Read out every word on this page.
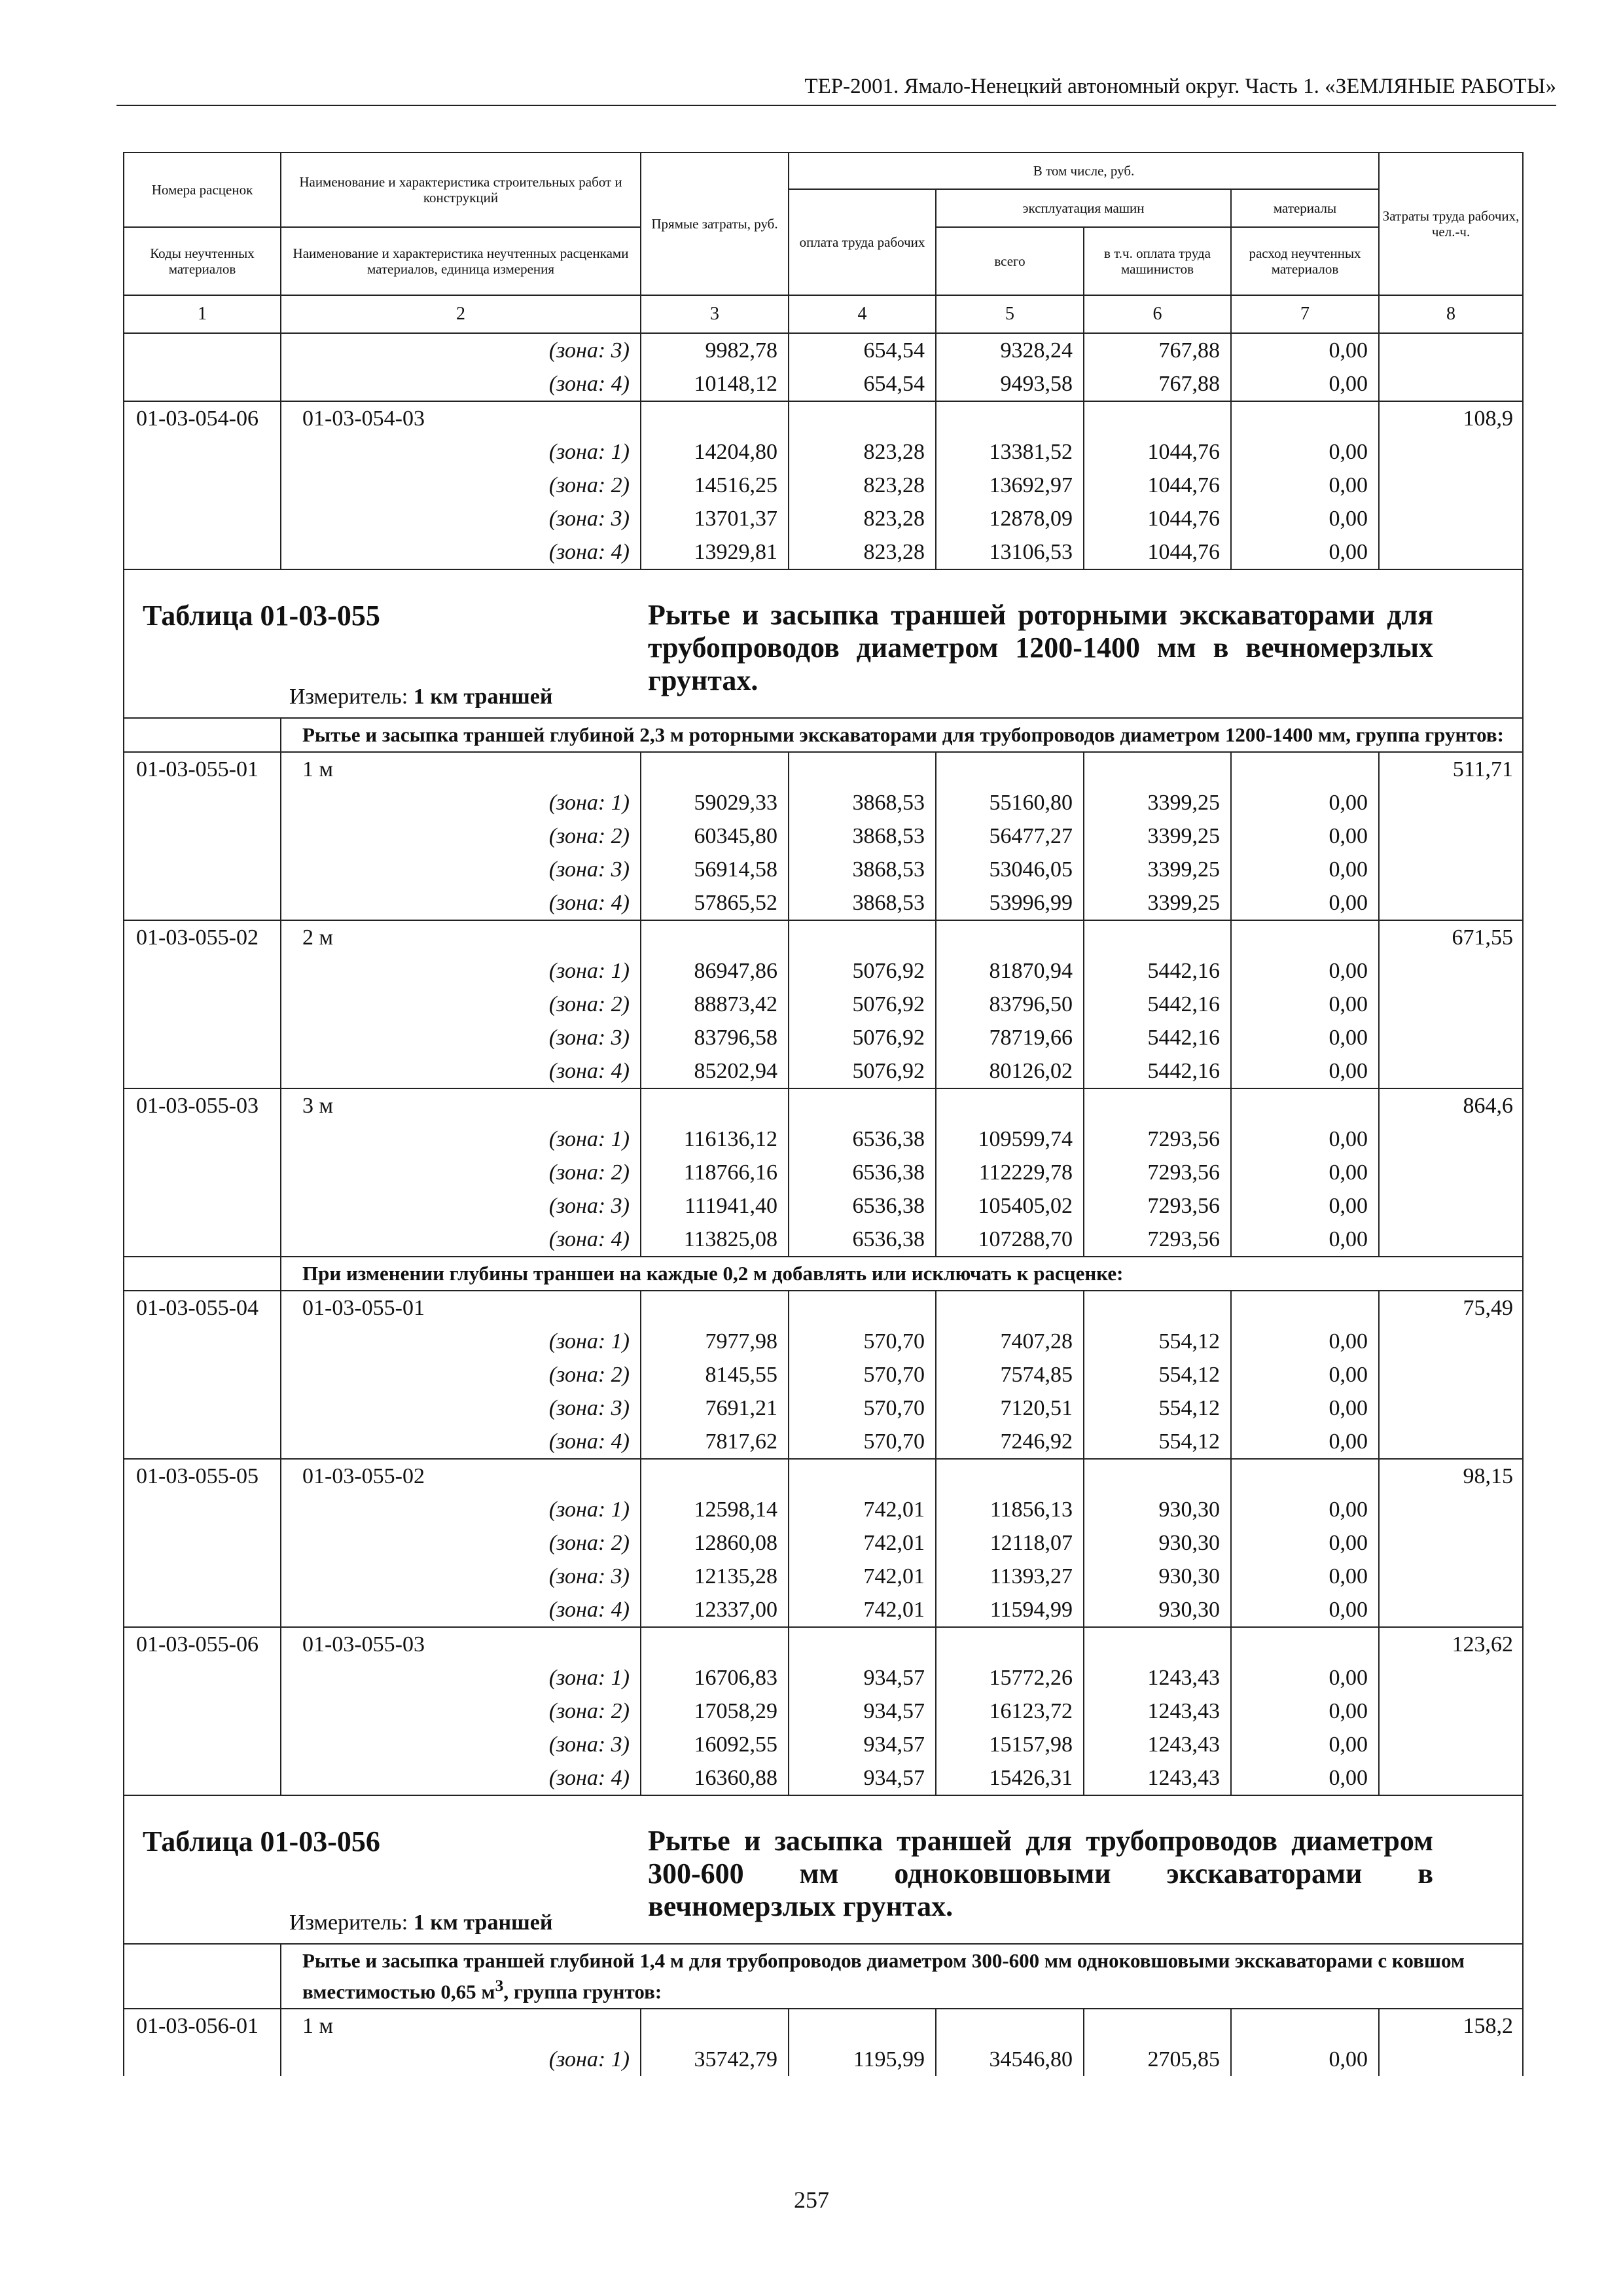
ТЕР-2001. Ямало-Ненецкий автономный округ. Часть 1. «ЗЕМЛЯНЫЕ РАБОТЫ»
Номера расценок	Наименование и характеристика строительных работ и конструкций	Прямые затраты, руб.	В том числе, руб.				Затраты труда рабочих, чел.-ч.
			оплата труда рабочих	эксплуатация машин		материалы	
Коды неучтенных материалов	Наименование и характеристика неучтенных расценками материалов, единица измерения			всего	в т.ч. оплата труда машинистов	расход неучтенных материалов	

1	2	3	4	5	6	7	8
	(зона: 3)	9982,78	654,54	9328,24	767,88	0,00	
	(зона: 4)	10148,12	654,54	9493,58	767,88	0,00	
01-03-054-06	01-03-054-03						108,9
	(зона: 1)	14204,80	823,28	13381,52	1044,76	0,00	
	(зона: 2)	14516,25	823,28	13692,97	1044,76	0,00	
	(зона: 3)	13701,37	823,28	12878,09	1044,76	0,00	
	(зона: 4)	13929,81	823,28	13106,53	1044,76	0,00	

Таблица 01-03-055 Рытье и засыпка траншей роторными экскаваторами для трубопроводов диаметром 1200-1400 мм в вечномерзлых грунтах.
Измеритель: 1 км траншей							

	Рытье и засыпка траншей глубиной 2,3 м роторными экскаваторами для трубопроводов диаметром 1200-1400 мм, группа грунтов:						
01-03-055-01	1 м						511,71
	(зона: 1)	59029,33	3868,53	55160,80	3399,25	0,00	
	(зона: 2)	60345,80	3868,53	56477,27	3399,25	0,00	
	(зона: 3)	56914,58	3868,53	53046,05	3399,25	0,00	
	(зона: 4)	57865,52	3868,53	53996,99	3399,25	0,00	
01-03-055-02	2 м						671,55
	(зона: 1)	86947,86	5076,92	81870,94	5442,16	0,00	
	(зона: 2)	88873,42	5076,92	83796,50	5442,16	0,00	
	(зона: 3)	83796,58	5076,92	78719,66	5442,16	0,00	
	(зона: 4)	85202,94	5076,92	80126,02	5442,16	0,00	
01-03-055-03	3 м						864,6
	(зона: 1)	116136,12	6536,38	109599,74	7293,56	0,00	
	(зона: 2)	118766,16	6536,38	112229,78	7293,56	0,00	
	(зона: 3)	111941,40	6536,38	105405,02	7293,56	0,00	
	(зона: 4)	113825,08	6536,38	107288,70	7293,56	0,00	
	При изменении глубины траншеи на каждые 0,2 м добавлять или исключать к расценке:						
01-03-055-04	01-03-055-01						75,49
	(зона: 1)	7977,98	570,70	7407,28	554,12	0,00	
	(зона: 2)	8145,55	570,70	7574,85	554,12	0,00	
	(зона: 3)	7691,21	570,70	7120,51	554,12	0,00	
	(зона: 4)	7817,62	570,70	7246,92	554,12	0,00	
01-03-055-05	01-03-055-02						98,15
	(зона: 1)	12598,14	742,01	11856,13	930,30	0,00	
	(зона: 2)	12860,08	742,01	12118,07	930,30	0,00	
	(зона: 3)	12135,28	742,01	11393,27	930,30	0,00	
	(зона: 4)	12337,00	742,01	11594,99	930,30	0,00	
01-03-055-06	01-03-055-03						123,62
	(зона: 1)	16706,83	934,57	15772,26	1243,43	0,00	
	(зона: 2)	17058,29	934,57	16123,72	1243,43	0,00	
	(зона: 3)	16092,55	934,57	15157,98	1243,43	0,00	
	(зона: 4)	16360,88	934,57	15426,31	1243,43	0,00	

Таблица 01-03-056 Рытье и засыпка траншей для трубопроводов диаметром 300-600 мм одноковшовыми экскаваторами в вечномерзлых грунтах.
Измеритель: 1 км траншей							

	Рытье и засыпка траншей глубиной 1,4 м для трубопроводов диаметром 300-600 мм одноковшовыми экскаваторами с ковшом вместимостью 0,65 $м^3$, группа грунтов:						
01-03-056-01	1 м						158,2
	(зона: 1)	35742,79	1195,99	34546,80	2705,85	0,00	
257
